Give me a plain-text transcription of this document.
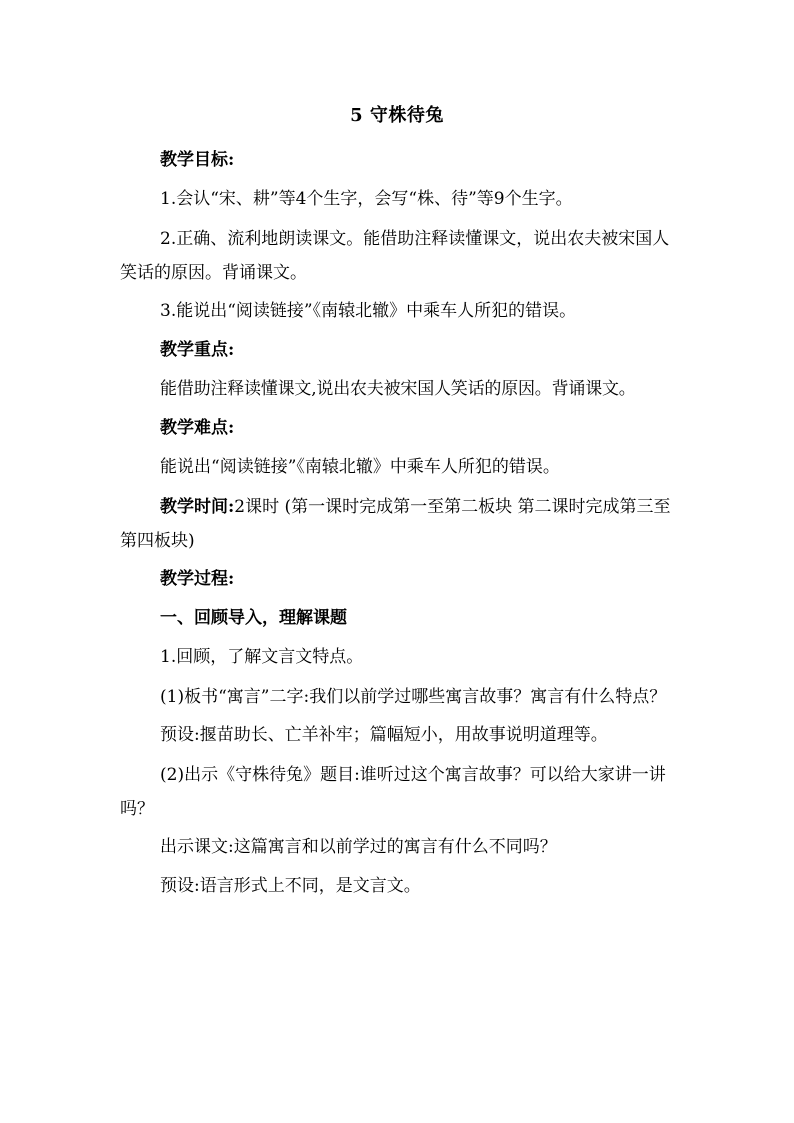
5 守株待兔
教学目标:
1.会认“宋、耕”等4个生字，会写“株、待”等9个生字。
2.正确、流利地朗读课文。能借助注释读懂课文，说出农夫被宋国人笑话的原因。背诵课文。
3.能说出“阅读链接”《南辕北辙》中乘车人所犯的错误。
教学重点:
能借助注释读懂课文,说出农夫被宋国人笑话的原因。背诵课文。
教学难点:
能说出“阅读链接”《南辕北辙》中乘车人所犯的错误。
教学时间:2课时 (第一课时完成第一至第二板块 第二课时完成第三至第四板块)
教学过程:
一、回顾导入，理解课题
1.回顾，了解文言文特点。
(1)板书“寓言”二字:我们以前学过哪些寓言故事？寓言有什么特点？
预设:揠苗助长、亡羊补牢；篇幅短小，用故事说明道理等。
(2)出示《守株待兔》题目:谁听过这个寓言故事？可以给大家讲一讲吗？
出示课文:这篇寓言和以前学过的寓言有什么不同吗？
预设:语言形式上不同，是文言文。
